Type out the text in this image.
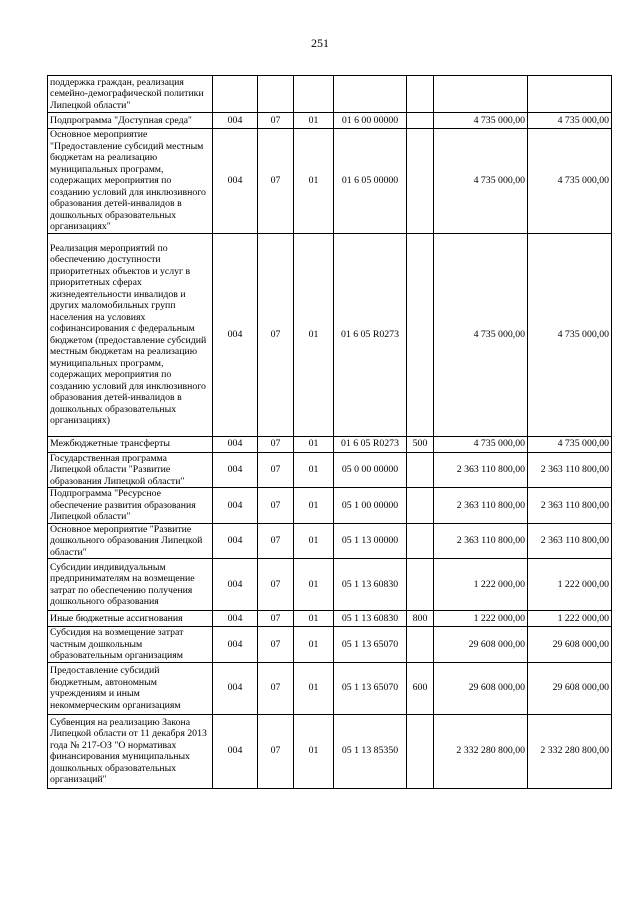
251
поддержка граждан, реализация семейно-демографической политики Липецкой области"							
Подпрограмма "Доступная среда"	004	07	01	01 6 00 00000		4 735 000,00	4 735 000,00
Основное мероприятие "Предоставление субсидий местным бюджетам на реализацию муниципальных программ, содержащих мероприятия по созданию условий для инклюзивного образования детей-инвалидов в дошкольных образовательных организациях"	004	07	01	01 6 05 00000		4 735 000,00	4 735 000,00
Реализация мероприятий по обеспечению доступности приоритетных объектов и услуг в приоритетных сферах жизнедеятельности инвалидов и других маломобильных групп населения на условиях софинансирования с федеральным бюджетом (предоставление субсидий местным бюджетам на реализацию муниципальных программ, содержащих мероприятия по созданию условий для инклюзивного образования детей-инвалидов в дошкольных образовательных организациях)	004	07	01	01 6 05 R0273		4 735 000,00	4 735 000,00
Межбюджетные трансферты	004	07	01	01 6 05 R0273	500	4 735 000,00	4 735 000,00
Государственная программа Липецкой области "Развитие образования Липецкой области"	004	07	01	05 0 00 00000		2 363 110 800,00	2 363 110 800,00
Подпрограмма "Ресурсное обеспечение развития образования Липецкой области"	004	07	01	05 1 00 00000		2 363 110 800,00	2 363 110 800,00
Основное мероприятие "Развитие дошкольного образования Липецкой области"	004	07	01	05 1 13 00000		2 363 110 800,00	2 363 110 800,00
Субсидии индивидуальным предпринимателям на возмещение затрат по обеспечению получения дошкольного образования	004	07	01	05 1 13 60830		1 222 000,00	1 222 000,00
Иные бюджетные ассигнования	004	07	01	05 1 13 60830	800	1 222 000,00	1 222 000,00
Субсидия на возмещение затрат частным дошкольным образовательным организациям	004	07	01	05 1 13 65070		29 608 000,00	29 608 000,00
Предоставление субсидий бюджетным, автономным учреждениям и иным некоммерческим организациям	004	07	01	05 1 13 65070	600	29 608 000,00	29 608 000,00
Субвенция на реализацию Закона Липецкой области от 11 декабря 2013 года № 217-ОЗ "О нормативах финансирования муниципальных дошкольных образовательных организаций"	004	07	01	05 1 13 85350		2 332 280 800,00	2 332 280 800,00
